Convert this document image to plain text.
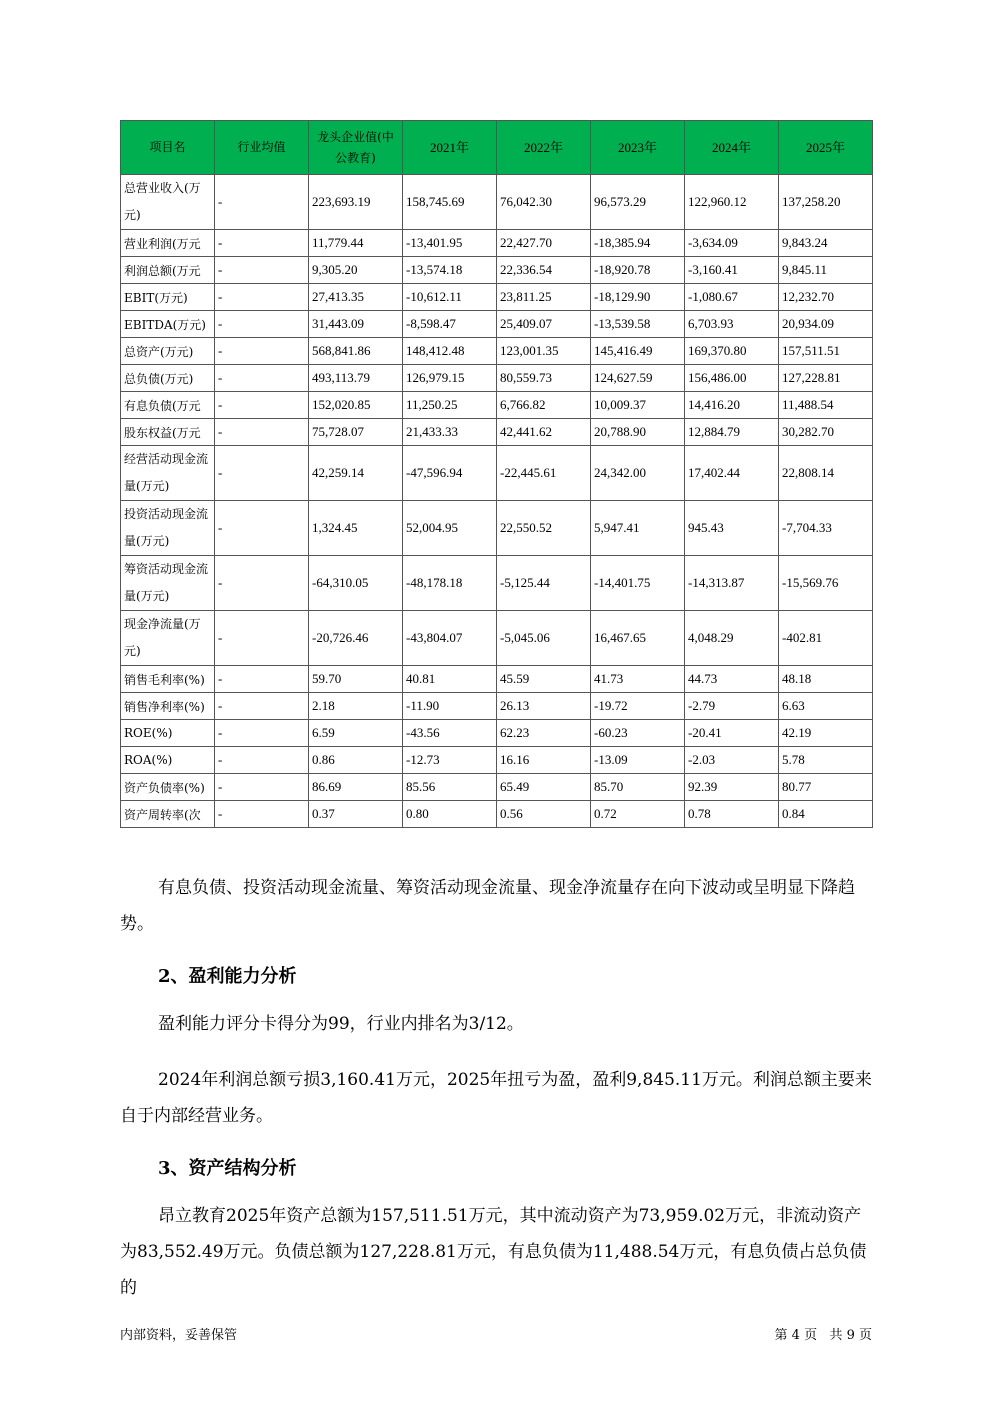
项目名	行业均值	龙头企业值(中公教育)	2021年	2022年	2023年	2024年	2025年
总营业收入(万元)	-	223,693.19	158,745.69	76,042.30	96,573.29	122,960.12	137,258.20
营业利润(万元	-	11,779.44	-13,401.95	22,427.70	-18,385.94	-3,634.09	9,843.24
利润总额(万元	-	9,305.20	-13,574.18	22,336.54	-18,920.78	-3,160.41	9,845.11
EBIT(万元)	-	27,413.35	-10,612.11	23,811.25	-18,129.90	-1,080.67	12,232.70
EBITDA(万元)	-	31,443.09	-8,598.47	25,409.07	-13,539.58	6,703.93	20,934.09
总资产(万元)	-	568,841.86	148,412.48	123,001.35	145,416.49	169,370.80	157,511.51
总负债(万元)	-	493,113.79	126,979.15	80,559.73	124,627.59	156,486.00	127,228.81
有息负债(万元	-	152,020.85	11,250.25	6,766.82	10,009.37	14,416.20	11,488.54
股东权益(万元	-	75,728.07	21,433.33	42,441.62	20,788.90	12,884.79	30,282.70
经营活动现金流量(万元)	-	42,259.14	-47,596.94	-22,445.61	24,342.00	17,402.44	22,808.14
投资活动现金流量(万元)	-	1,324.45	52,004.95	22,550.52	5,947.41	945.43	-7,704.33
筹资活动现金流量(万元)	-	-64,310.05	-48,178.18	-5,125.44	-14,401.75	-14,313.87	-15,569.76
现金净流量(万元)	-	-20,726.46	-43,804.07	-5,045.06	16,467.65	4,048.29	-402.81
销售毛利率(%)	-	59.70	40.81	45.59	41.73	44.73	48.18
销售净利率(%)	-	2.18	-11.90	26.13	-19.72	-2.79	6.63
ROE(%)	-	6.59	-43.56	62.23	-60.23	-20.41	42.19
ROA(%)	-	0.86	-12.73	16.16	-13.09	-2.03	5.78
资产负债率(%)	-	86.69	85.56	65.49	85.70	92.39	80.77
资产周转率(次	-	0.37	0.80	0.56	0.72	0.78	0.84

有息负债、投资活动现金流量、筹资活动现金流量、现金净流量存在向下波动或呈明显下降趋势。

2、盈利能力分析

盈利能力评分卡得分为99，行业内排名为3/12。

2024年利润总额亏损3,160.41万元，2025年扭亏为盈，盈利9,845.11万元。利润总额主要来自于内部经营业务。

3、资产结构分析

昂立教育2025年资产总额为157,511.51万元，其中流动资产为73,959.02万元，非流动资产为83,552.49万元。负债总额为127,228.81万元，有息负债为11,488.54万元，有息负债占总负债的

内部资料，妥善保管	第 4 页   共 9 页
